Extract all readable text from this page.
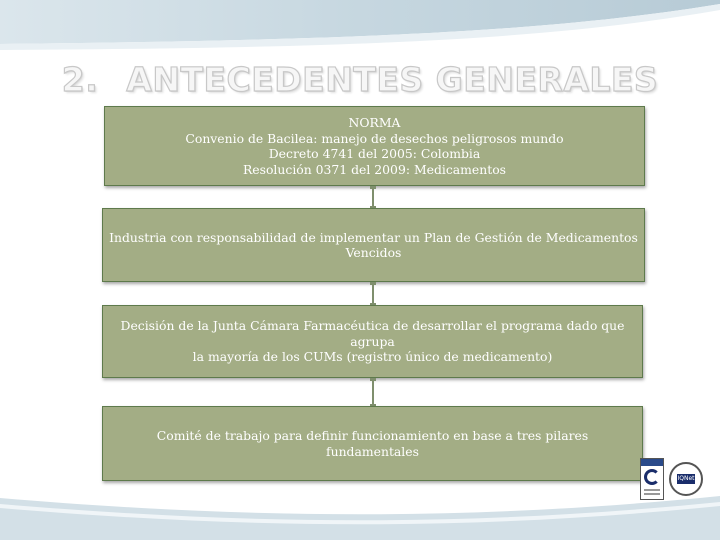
2. ANTECEDENTES GENERALES
NORMA
Convenio de Bacilea: manejo de desechos peligrosos mundo
Decreto 4741 del 2005: Colombia
Resolución 0371 del 2009: Medicamentos
Industria con responsabilidad de implementar un Plan de Gestión de Medicamentos
Vencidos
Decisión de la Junta Cámara Farmacéutica de desarrollar el programa dado que agrupa
la mayoría de los CUMs (registro único de medicamento)
Comité de trabajo para definir funcionamiento en base a tres pilares fundamentales
IQNet
